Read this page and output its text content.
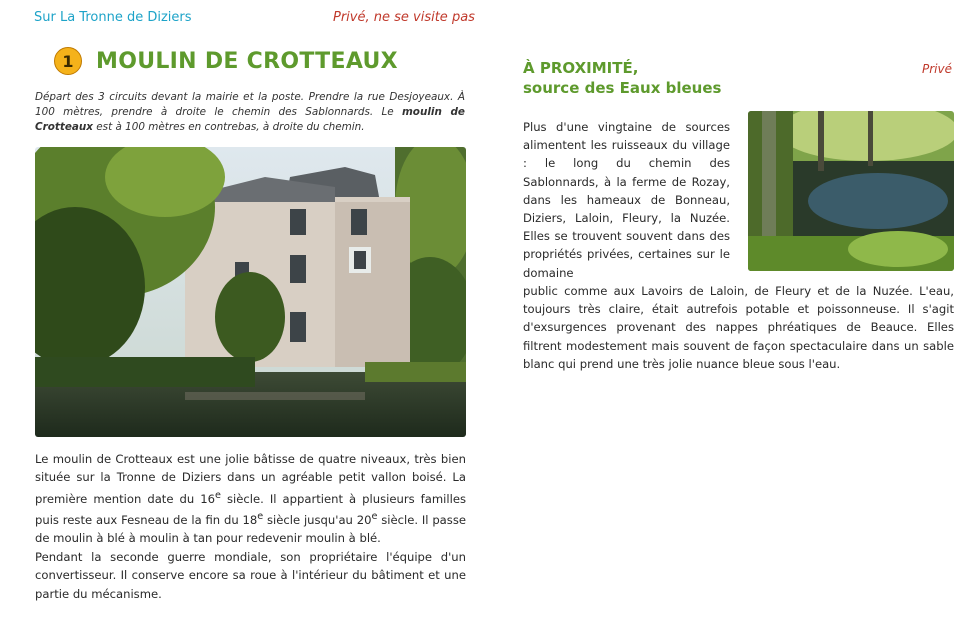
Sur La Tronne de Diziers	Privé, ne se visite pas
1	MOULIN DE CROTTEAUX
Départ des 3 circuits devant la mairie et la poste. Prendre la rue Desjoyeaux. À 100 mètres, prendre à droite le chemin des Sablonnards. Le moulin de Crotteaux est à 100 mètres en contrebas, à droite du chemin.

Le moulin de Crotteaux est une jolie bâtisse de quatre niveaux, très bien située sur la Tronne de Diziers dans un agréable petit vallon boisé. La première mention date du 16e siècle. Il appartient à plusieurs familles puis reste aux Fesneau de la fin du 18e siècle jusqu'au 20e siècle. Il passe de moulin à blé à moulin à tan pour redevenir moulin à blé.

Pendant la seconde guerre mondiale, son propriétaire l'équipe d'un convertisseur. Il conserve encore sa roue à l'intérieur du bâtiment et une partie du mécanisme.

À PROXIMITÉ,
source des Eaux bleues
Privé
Plus d'une vingtaine de sources alimentent les ruisseaux du village : le long du chemin des Sablonnards, à la ferme de Rozay, dans les hameaux de Bonneau, Diziers, Laloin, Fleury, la Nuzée. Elles se trouvent souvent dans des propriétés privées, certaines sur le domaine
public comme aux Lavoirs de Laloin, de Fleury et de la Nuzée. L'eau, toujours très claire, était autrefois potable et poissonneuse. Il s'agit d'exsurgences provenant des nappes phréatiques de Beauce. Elles filtrent modestement mais souvent de façon spectaculaire dans un sable blanc qui prend une très jolie nuance bleue sous l'eau.
